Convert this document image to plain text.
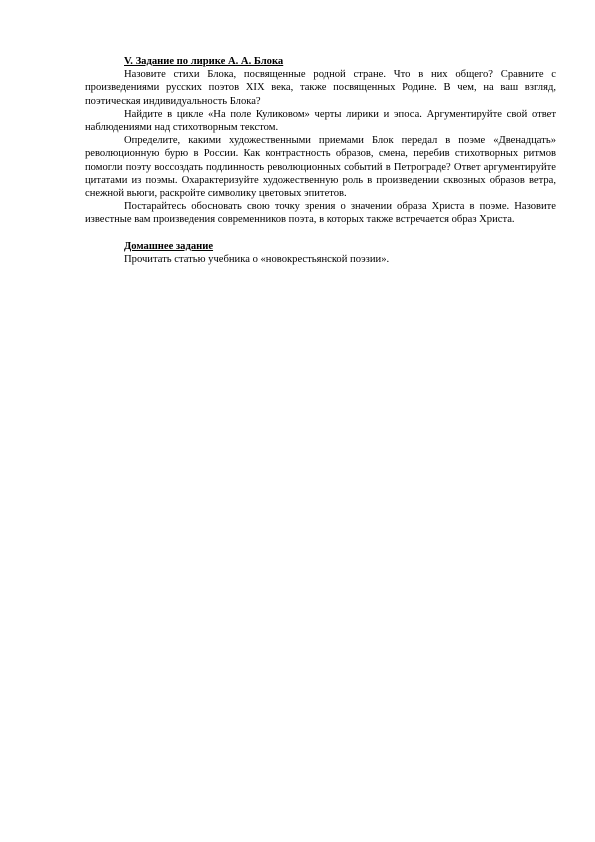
V. Задание по лирике А. А. Блока

Назовите стихи Блока, посвященные родной стране. Что в них общего? Сравните с произведениями русских поэтов XIX века, также посвященных Родине. В чем, на ваш взгляд, поэтическая индивидуальность Блока?

Найдите в цикле «На поле Куликовом» черты лирики и эпоса. Аргументируйте свой ответ наблюдениями над стихотворным текстом.

Определите, какими художественными приемами Блок передал в поэме «Двенадцать» революционную бурю в России. Как контрастность образов, смена, перебив стихотворных ритмов помогли поэту воссоздать подлинность революционных событий в Петрограде? Ответ аргументируйте цитатами из поэмы. Охарактеризуйте художественную роль в произведении сквозных образов ветра, снежной вьюги, раскройте символику цветовых эпитетов.

Постарайтесь обосновать свою точку зрения о значении образа Христа в поэме. Назовите известные вам произведения современников поэта, в которых также встречается образ Христа.

Домашнее задание

Прочитать статью учебника о «новокрестьянской поэзии».
